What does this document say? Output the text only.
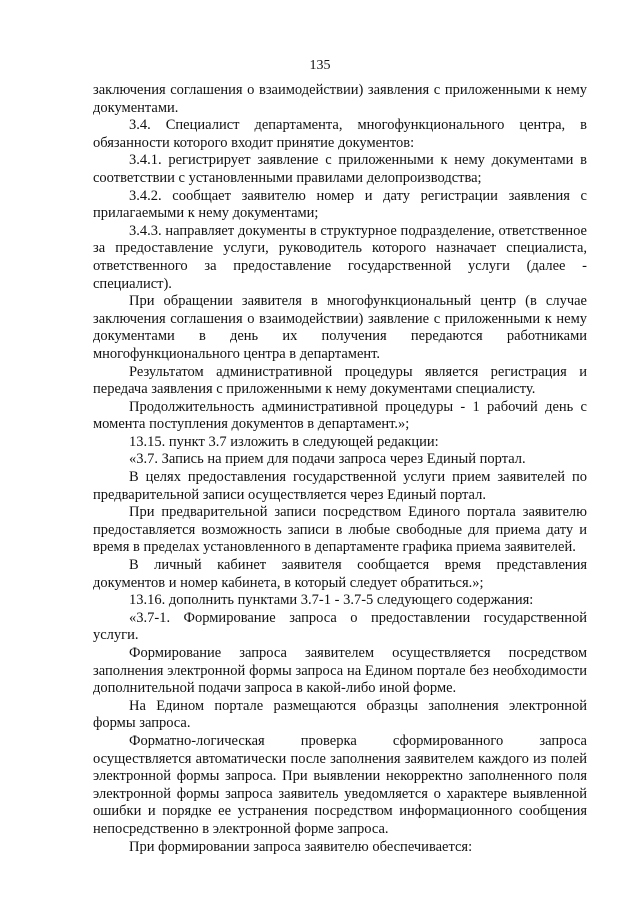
135

заключения соглашения о взаимодействии) заявления с приложенными к нему документами.

3.4. Специалист департамента, многофункционального центра, в обязанности которого входит принятие документов:

3.4.1. регистрирует заявление с приложенными к нему документами в соответствии с установленными правилами делопроизводства;

3.4.2. сообщает заявителю номер и дату регистрации заявления с прилагаемыми к нему документами;

3.4.3. направляет документы в структурное подразделение, ответственное за предоставление услуги, руководитель которого назначает специалиста, ответственного за предоставление государственной услуги (далее - специалист).

При обращении заявителя в многофункциональный центр (в случае заключения соглашения о взаимодействии) заявление с приложенными к нему документами в день их получения передаются работниками многофункционального центра в департамент.

Результатом административной процедуры является регистрация и передача заявления с приложенными к нему документами специалисту.

Продолжительность административной процедуры - 1 рабочий день с момента поступления документов в департамент.»;

13.15. пункт 3.7 изложить в следующей редакции:

«3.7. Запись на прием для подачи запроса через Единый портал.

В целях предоставления государственной услуги прием заявителей по предварительной записи осуществляется через Единый портал.

При предварительной записи посредством Единого портала заявителю предоставляется возможность записи в любые свободные для приема дату и время в пределах установленного в департаменте графика приема заявителей.

В личный кабинет заявителя сообщается время представления документов и номер кабинета, в который следует обратиться.»;

13.16. дополнить пунктами 3.7-1 - 3.7-5 следующего содержания:

«3.7-1. Формирование запроса о предоставлении государственной услуги.

Формирование запроса заявителем осуществляется посредством заполнения электронной формы запроса на Едином портале без необходимости дополнительной подачи запроса в какой-либо иной форме.

На Едином портале размещаются образцы заполнения электронной формы запроса.

Форматно-логическая проверка сформированного запроса осуществляется автоматически после заполнения заявителем каждого из полей электронной формы запроса. При выявлении некорректно заполненного поля электронной формы запроса заявитель уведомляется о характере выявленной ошибки и порядке ее устранения посредством информационного сообщения непосредственно в электронной форме запроса.

При формировании запроса заявителю обеспечивается:
